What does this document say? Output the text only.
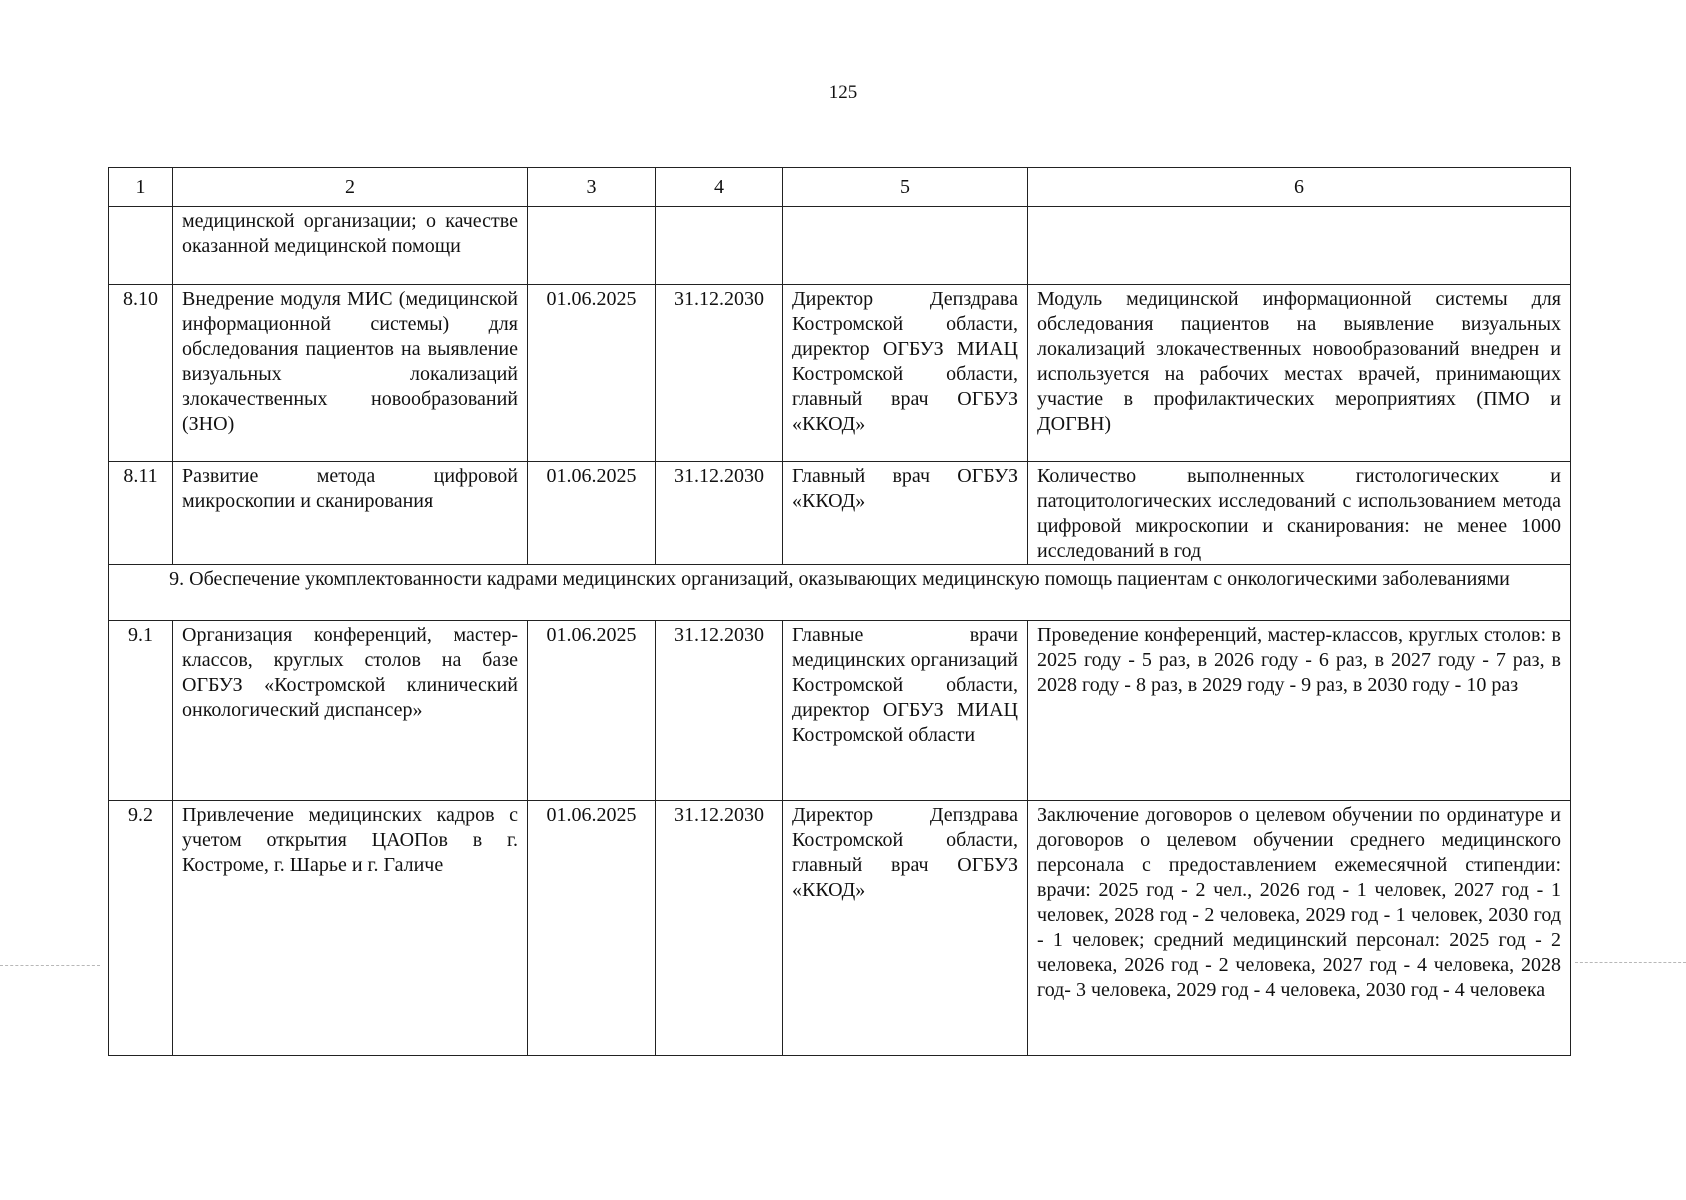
125
1	2	3	4	5	6
	медицинской организации; о качестве оказанной медицинской помощи				
8.10	Внедрение модуля МИС (медицинской информационной системы) для обследования пациентов на выявление визуальных локализаций злокачественных новообразований (ЗНО)	01.06.2025	31.12.2030	Директор Депздрава Костромской области, директор ОГБУЗ МИАЦ Костромской области, главный врач ОГБУЗ «ККОД»	Модуль медицинской информационной системы для обследования пациентов на выявление визуальных локализаций злокачественных новообразований внедрен и используется на рабочих местах врачей, принимающих участие в профилактических мероприятиях (ПМО и ДОГВН)
8.11	Развитие метода цифровой микроскопии и сканирования	01.06.2025	31.12.2030	Главный врач ОГБУЗ «ККОД»	Количество выполненных гистологических и патоцитологических исследований с использованием метода цифровой микроскопии и сканирования: не менее 1000 исследований в год
9. Обеспечение укомплектованности кадрами медицинских организаций, оказывающих медицинскую помощь пациентам с онкологическими заболеваниями					
9.1	Организация конференций, мастер-классов, круглых столов на базе ОГБУЗ «Костромской клинический онкологический диспансер»	01.06.2025	31.12.2030	Главные врачи медицинских организаций Костромской области, директор ОГБУЗ МИАЦ Костромской области	Проведение конференций, мастер-классов, круглых столов: в 2025 году - 5 раз, в 2026 году - 6 раз, в 2027 году - 7 раз, в 2028 году - 8 раз, в 2029 году - 9 раз, в 2030 году - 10 раз
9.2	Привлечение медицинских кадров с учетом открытия ЦАОПов в г. Костроме, г. Шарье и г. Галиче	01.06.2025	31.12.2030	Директор Депздрава Костромской области, главный врач ОГБУЗ «ККОД»	Заключение договоров о целевом обучении по ординатуре и договоров о целевом обучении среднего медицинского персонала с предоставлением ежемесячной стипендии: врачи: 2025 год - 2 чел., 2026 год - 1 человек, 2027 год - 1 человек, 2028 год - 2 человека, 2029 год - 1 человек, 2030 год - 1 человек; средний медицинский персонал: 2025 год - 2 человека, 2026 год - 2 человека, 2027 год - 4 человека, 2028 год- 3 человека, 2029 год - 4 человека, 2030 год - 4 человека
